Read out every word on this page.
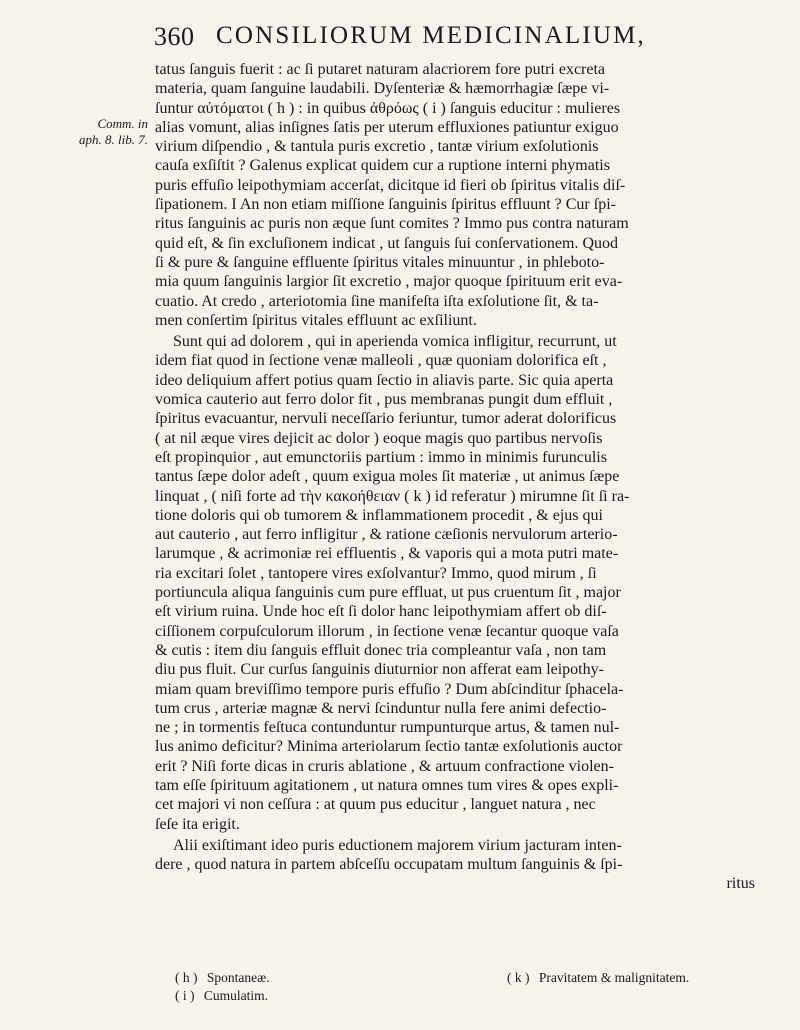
360 CONSILIORUM MEDICINALIUM,
Comm. in
aph. 8. lib. 7.
tatus ſanguis fuerit : ac ſi putaret naturam alacriorem fore putri excreta
materia, quam ſanguine laudabili. Dyſenteriæ & hæmorrhagiæ ſæpe vi-
ſuntur αὐτόματοι ( h ) : in quibus ἀθρόως ( i ) ſanguis educitur : mulieres
alias vomunt, alias inſignes ſatis per uterum effluxiones patiuntur exiguo
virium diſpendio , & tantula puris excretio , tantæ virium exſolutionis
cauſa exſiſtit ? Galenus explicat quidem cur a ruptione interni phymatis
puris effuſio leipothymiam accerſat, dicitque id fieri ob ſpiritus vitalis diſ-
ſipationem. I An non etiam miſſione ſanguinis ſpiritus effluunt ? Cur ſpi-
ritus ſanguinis ac puris non æque ſunt comites ? Immo pus contra naturam
quid eſt, & ſin excluſionem indicat , ut ſanguis ſui conſervationem. Quod
ſi & pure & ſanguine effluente ſpiritus vitales minuuntur , in phleboto-
mia quum ſanguinis largior ſit excretio , major quoque ſpirituum erit eva-
cuatio. At credo , arteriotomia ſine manifeſta iſta exſolutione ſit, & ta-
men conſertim ſpiritus vitales effluunt ac exſiliunt.
Sunt qui ad dolorem , qui in aperienda vomica infligitur, recurrunt, ut
idem fiat quod in ſectione venæ malleoli , quæ quoniam dolorifica eſt ,
ideo deliquium affert potius quam ſectio in aliavis parte. Sic quia aperta
vomica cauterio aut ferro dolor fit , pus membranas pungit dum effluit ,
ſpiritus evacuantur, nervuli neceſſario feriuntur, tumor aderat dolorificus
( at nil æque vires dejicit ac dolor ) eoque magis quo partibus nervoſis
eſt propinquior , aut emunctoriis partium : immo in minimis furunculis
tantus ſæpe dolor adeſt , quum exigua moles ſit materiæ , ut animus ſæpe
linquat , ( niſi forte ad τὴν κακοήθειαν ( k ) id referatur ) mirumne ſit ſi ra-
tione doloris qui ob tumorem & inflammationem procedit , & ejus qui
aut cauterio , aut ferro infligitur , & ratione cæſionis nervulorum arterio-
larumque , & acrimoniæ rei effluentis , & vaporis qui a mota putri mate-
ria excitari ſolet , tantopere vires exſolvantur? Immo, quod mirum , ſi
portiuncula aliqua ſanguinis cum pure effluat, ut pus cruentum ſit , major
eſt virium ruina. Unde hoc eſt ſi dolor hanc leipothymiam affert ob diſ-
ciſſionem corpuſculorum illorum , in ſectione venæ ſecantur quoque vaſa
& cutis : item diu ſanguis effluit donec tria compleantur vaſa , non tam
diu pus fluit. Cur curſus ſanguinis diuturnior non afferat eam leipothy-
miam quam breviſſimo tempore puris effuſio ? Dum abſcinditur ſphacela-
tum crus , arteriæ magnæ & nervi ſcinduntur nulla fere animi defectio-
ne ; in tormentis feſtuca contunduntur rumpunturque artus, & tamen nul-
lus animo deficitur? Minima arteriolarum ſectio tantæ exſolutionis auctor
erit ? Niſi forte dicas in cruris ablatione , & artuum confractione violen-
tam eſſe ſpirituum agitationem , ut natura omnes tum vires & opes expli-
cet majori vi non ceſſura : at quum pus educitur , languet natura , nec
ſeſe ita erigit.
Alii exiſtimant ideo puris eductionem majorem virium jacturam inten-
dere , quod natura in partem abſceſſu occupatam multum ſanguinis & ſpi-
ritus
( h ) Spontaneæ.
( i ) Cumulatim.
( k ) Pravitatem & malignitatem.
